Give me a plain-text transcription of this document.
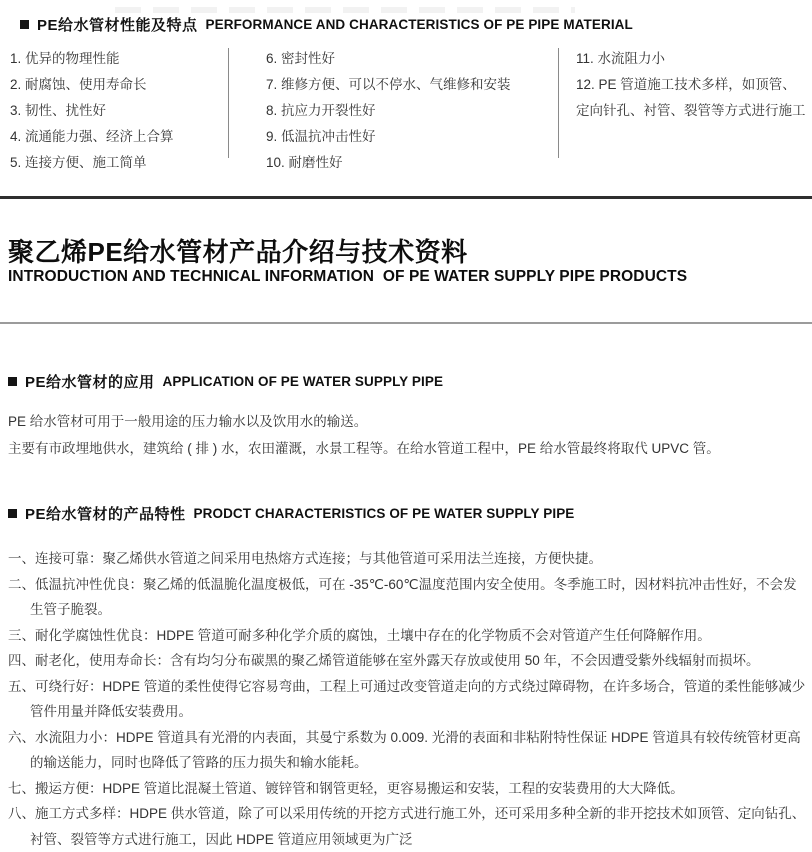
PE给水管材性能及特点 PERFORMANCE AND CHARACTERISTICS OF PE PIPE MATERIAL
1. 优异的物理性能
2. 耐腐蚀、使用寿命长
3. 韧性、扰性好
4. 流通能力强、经济上合算
5. 连接方便、施工简单
6. 密封性好
7. 维修方便、可以不停水、气维修和安装
8. 抗应力开裂性好
9. 低温抗冲击性好
10. 耐磨性好
11. 水流阻力小
12. PE 管道施工技术多样，如顶管、定向针孔、衬管、裂管等方式进行施工
聚乙烯PE给水管材产品介绍与技术资料
INTRODUCTION AND TECHNICAL INFORMATION  OF PE WATER SUPPLY PIPE PRODUCTS
PE给水管材的应用 APPLICATION OF PE WATER SUPPLY PIPE
PE 给水管材可用于一般用途的压力输水以及饮用水的输送。
主要有市政埋地供水，建筑给 ( 排 ) 水，农田灌溉，水景工程等。在给水管道工程中，PE 给水管最终将取代 UPVC 管。
PE给水管材的产品特性 PRODCT CHARACTERISTICS OF PE WATER SUPPLY PIPE
一、连接可靠：聚乙烯供水管道之间采用电热熔方式连接；与其他管道可采用法兰连接，方便快捷。
二、低温抗冲性优良：聚乙烯的低温脆化温度极低，可在 -35℃-60℃温度范围内安全使用。冬季施工时，因材料抗冲击性好，不会发生管子脆裂。
三、耐化学腐蚀性优良：HDPE 管道可耐多种化学介质的腐蚀，土壤中存在的化学物质不会对管道产生任何降解作用。
四、耐老化，使用寿命长：含有均匀分布碳黑的聚乙烯管道能够在室外露天存放或使用 50 年，不会因遭受紫外线辐射而损坏。
五、可绕行好：HDPE 管道的柔性使得它容易弯曲，工程上可通过改变管道走向的方式绕过障碍物，在许多场合，管道的柔性能够减少管件用量并降低安装费用。
六、水流阻力小：HDPE 管道具有光滑的内表面，其曼宁系数为 0.009. 光滑的表面和非粘附特性保证 HDPE 管道具有较传统管材更高的输送能力，同时也降低了管路的压力损失和输水能耗。
七、搬运方便：HDPE 管道比混凝土管道、镀锌管和钢管更轻，更容易搬运和安装，工程的安装费用的大大降低。
八、施工方式多样：HDPE 供水管道，除了可以采用传统的开挖方式进行施工外，还可采用多种全新的非开挖技术如顶管、定向钻孔、衬管、裂管等方式进行施工，因此 HDPE 管道应用领域更为广泛
